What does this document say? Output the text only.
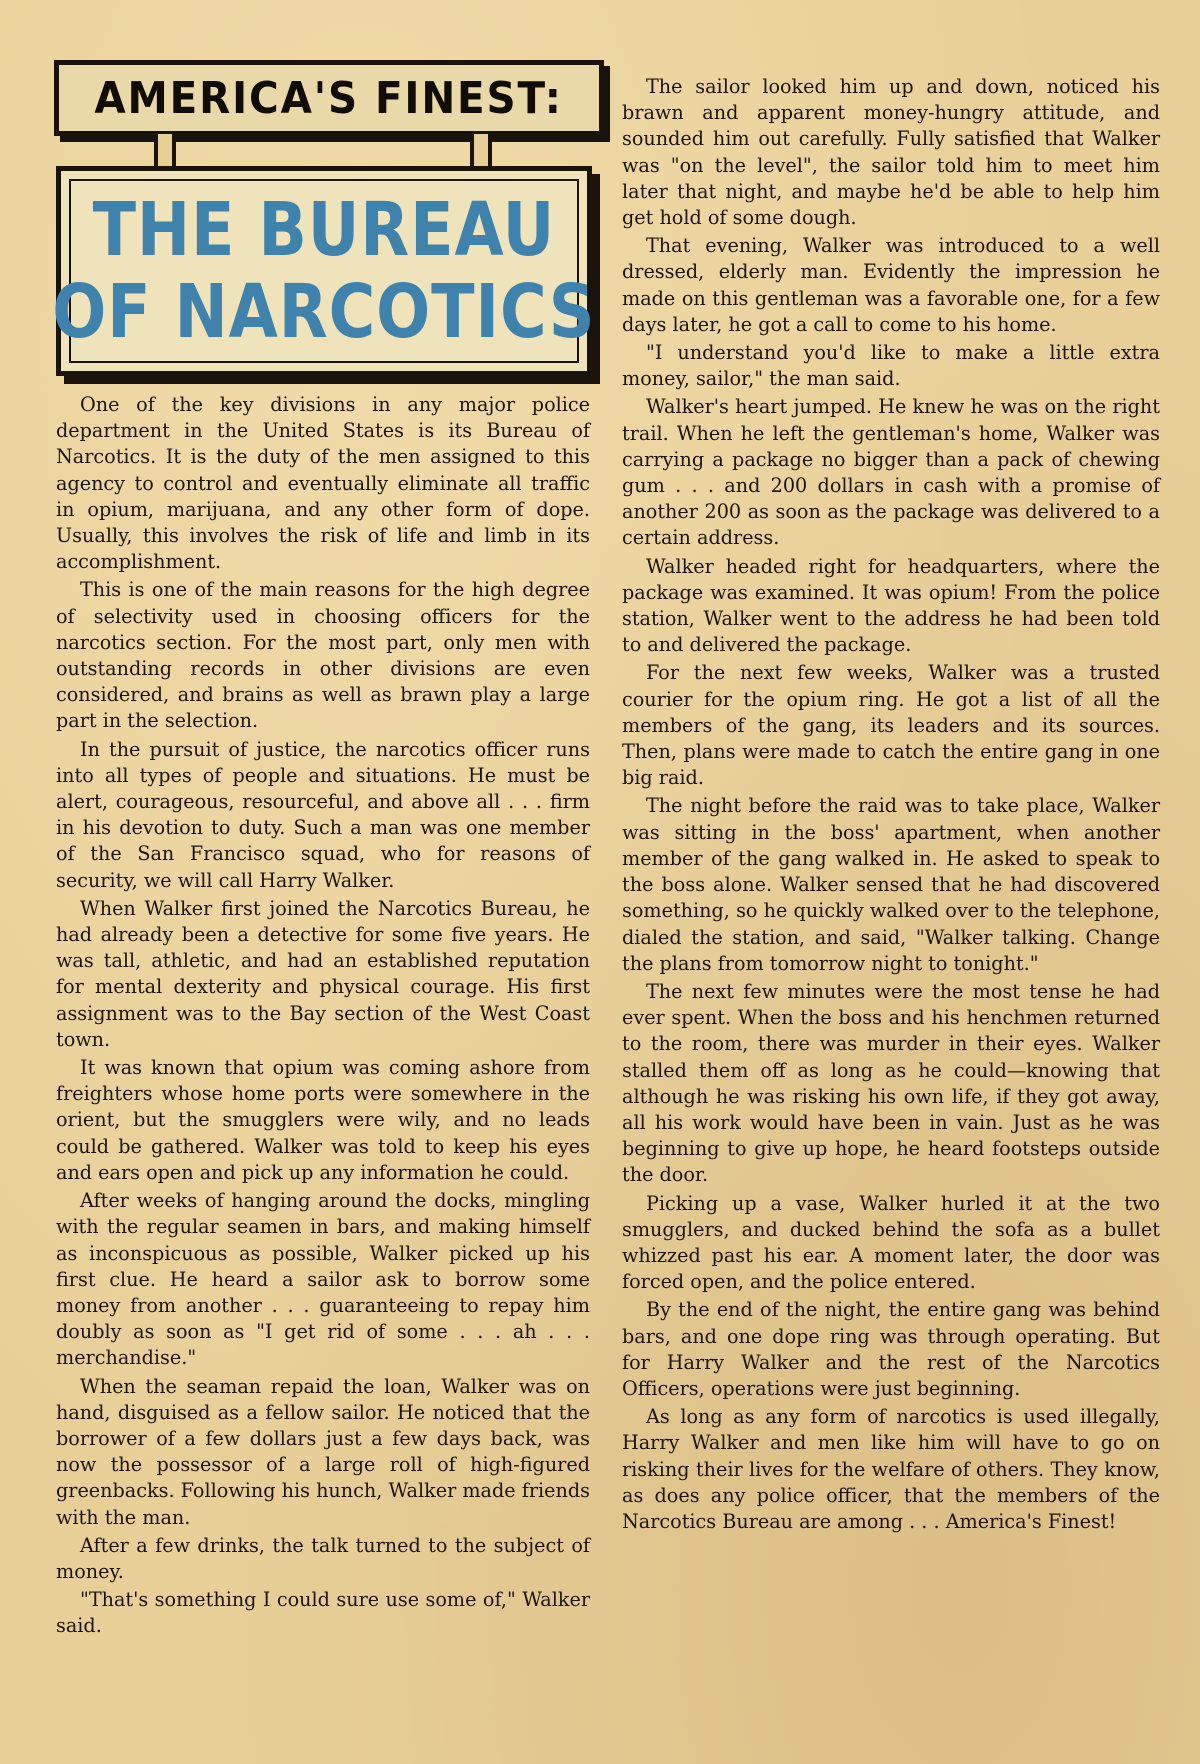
AMERICA'S FINEST:
THE BUREAU
OF NARCOTICS

One of the key divisions in any major police department in the United States is its Bureau of Narcotics. It is the duty of the men assigned to this agency to control and eventually eliminate all traffic in opium, marijuana, and any other form of dope. Usually, this involves the risk of life and limb in its accomplishment.

This is one of the main reasons for the high degree of selectivity used in choosing officers for the narcotics section. For the most part, only men with outstanding records in other divisions are even considered, and brains as well as brawn play a large part in the selection.

In the pursuit of justice, the narcotics officer runs into all types of people and situations. He must be alert, courageous, resourceful, and above all . . . firm in his devotion to duty. Such a man was one member of the San Francisco squad, who for reasons of security, we will call Harry Walker.

When Walker first joined the Narcotics Bureau, he had already been a detective for some five years. He was tall, athletic, and had an established reputation for mental dexterity and physical courage. His first assignment was to the Bay section of the West Coast town.

It was known that opium was coming ashore from freighters whose home ports were somewhere in the orient, but the smugglers were wily, and no leads could be gathered. Walker was told to keep his eyes and ears open and pick up any information he could.

After weeks of hanging around the docks, mingling with the regular seamen in bars, and making himself as inconspicuous as possible, Walker picked up his first clue. He heard a sailor ask to borrow some money from another . . . guaranteeing to repay him doubly as soon as "I get rid of some . . . ah . . . merchandise."

When the seaman repaid the loan, Walker was on hand, disguised as a fellow sailor. He noticed that the borrower of a few dollars just a few days back, was now the possessor of a large roll of high-figured greenbacks. Following his hunch, Walker made friends with the man.

After a few drinks, the talk turned to the subject of money.

"That's something I could sure use some of," Walker said.

The sailor looked him up and down, noticed his brawn and apparent money-hungry attitude, and sounded him out carefully. Fully satisfied that Walker was "on the level", the sailor told him to meet him later that night, and maybe he'd be able to help him get hold of some dough.

That evening, Walker was introduced to a well dressed, elderly man. Evidently the impression he made on this gentleman was a favorable one, for a few days later, he got a call to come to his home.

"I understand you'd like to make a little extra money, sailor," the man said.

Walker's heart jumped. He knew he was on the right trail. When he left the gentleman's home, Walker was carrying a package no bigger than a pack of chewing gum . . . and 200 dollars in cash with a promise of another 200 as soon as the package was delivered to a certain address.

Walker headed right for headquarters, where the package was examined. It was opium! From the police station, Walker went to the address he had been told to and delivered the package.

For the next few weeks, Walker was a trusted courier for the opium ring. He got a list of all the members of the gang, its leaders and its sources. Then, plans were made to catch the entire gang in one big raid.

The night before the raid was to take place, Walker was sitting in the boss' apartment, when another member of the gang walked in. He asked to speak to the boss alone. Walker sensed that he had discovered something, so he quickly walked over to the telephone, dialed the station, and said, "Walker talking. Change the plans from tomorrow night to tonight."

The next few minutes were the most tense he had ever spent. When the boss and his henchmen returned to the room, there was murder in their eyes. Walker stalled them off as long as he could—knowing that although he was risking his own life, if they got away, all his work would have been in vain. Just as he was beginning to give up hope, he heard footsteps outside the door.

Picking up a vase, Walker hurled it at the two smugglers, and ducked behind the sofa as a bullet whizzed past his ear. A moment later, the door was forced open, and the police entered.

By the end of the night, the entire gang was behind bars, and one dope ring was through operating. But for Harry Walker and the rest of the Narcotics Officers, operations were just beginning.

As long as any form of narcotics is used illegally, Harry Walker and men like him will have to go on risking their lives for the welfare of others. They know, as does any police officer, that the members of the Narcotics Bureau are among . . . America's Finest!
